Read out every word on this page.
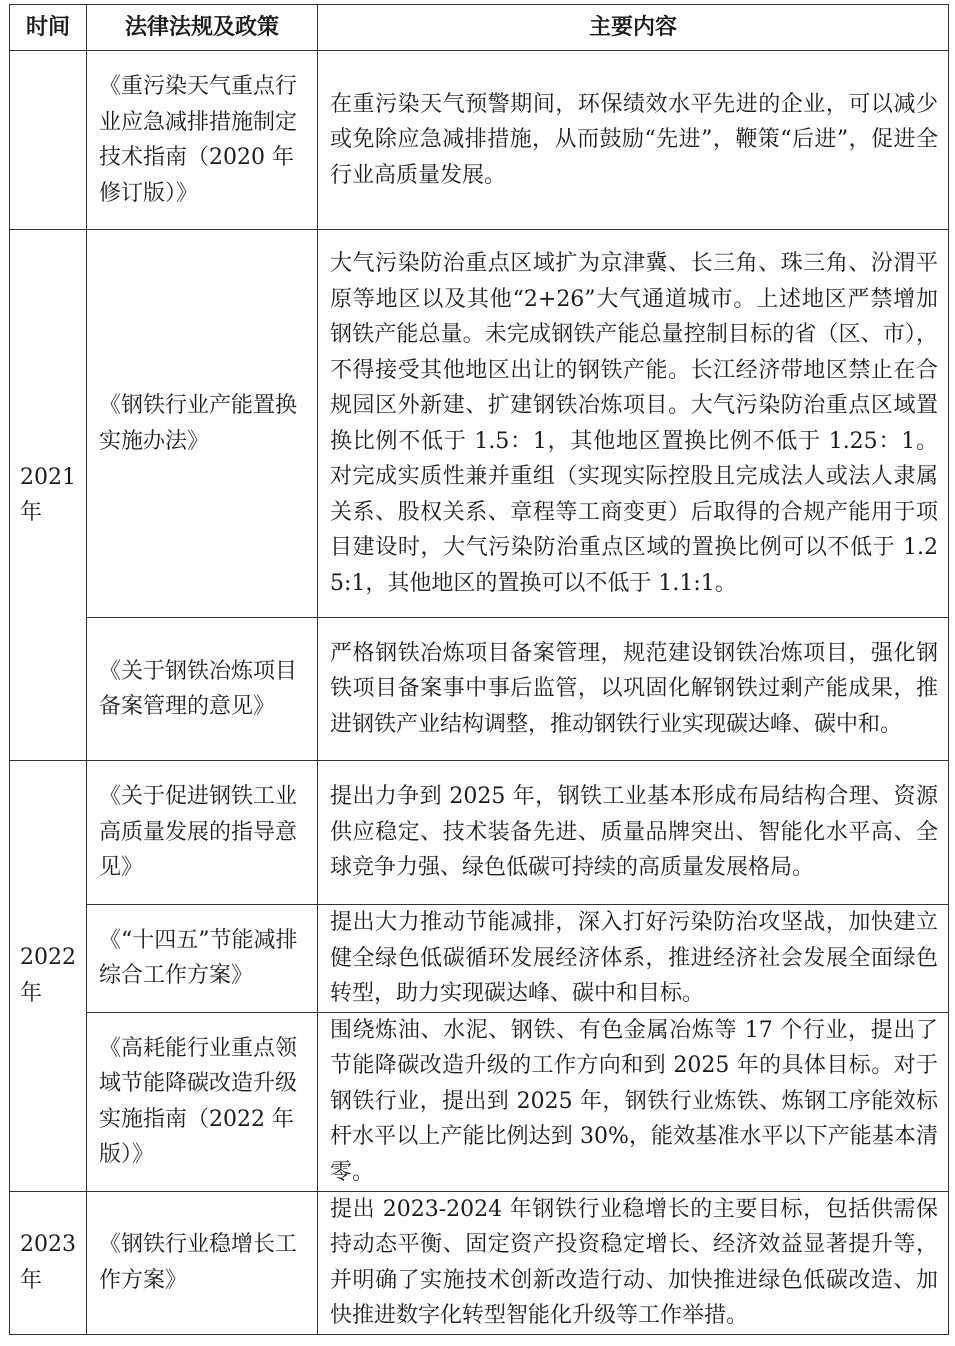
时间	法律法规及政策	主要内容
	《重污染天气重点行业应急减排措施制定技术指南（2020 年修订版）》	在重污染天气预警期间，环保绩效水平先进的企业，可以减少或免除应急减排措施，从而鼓励“先进”，鞭策“后进”，促进全行业高质量发展。
2021 年	《钢铁行业产能置换实施办法》	大气污染防治重点区域扩为京津冀、长三角、珠三角、汾渭平原等地区以及其他“2+26”大气通道城市。上述地区严禁增加钢铁产能总量。未完成钢铁产能总量控制目标的省（区、市），不得接受其他地区出让的钢铁产能。长江经济带地区禁止在合规园区外新建、扩建钢铁冶炼项目。大气污染防治重点区域置换比例不低于 1.5：1，其他地区置换比例不低于 1.25：1。对完成实质性兼并重组（实现实际控股且完成法人或法人隶属关系、股权关系、章程等工商变更）后取得的合规产能用于项目建设时，大气污染防治重点区域的置换比例可以不低于 1.25:1，其他地区的置换可以不低于 1.1:1。
	《关于钢铁冶炼项目备案管理的意见》	严格钢铁冶炼项目备案管理，规范建设钢铁冶炼项目，强化钢铁项目备案事中事后监管，以巩固化解钢铁过剩产能成果，推进钢铁产业结构调整，推动钢铁行业实现碳达峰、碳中和。
2022 年	《关于促进钢铁工业高质量发展的指导意见》	提出力争到 2025 年，钢铁工业基本形成布局结构合理、资源供应稳定、技术装备先进、质量品牌突出、智能化水平高、全球竞争力强、绿色低碳可持续的高质量发展格局。
	《“十四五”节能减排综合工作方案》	提出大力推动节能减排，深入打好污染防治攻坚战，加快建立健全绿色低碳循环发展经济体系，推进经济社会发展全面绿色转型，助力实现碳达峰、碳中和目标。
	《高耗能行业重点领域节能降碳改造升级实施指南（2022 年版）》	围绕炼油、水泥、钢铁、有色金属冶炼等 17 个行业，提出了节能降碳改造升级的工作方向和到 2025 年的具体目标。对于钢铁行业，提出到 2025 年，钢铁行业炼铁、炼钢工序能效标杆水平以上产能比例达到 30%，能效基准水平以下产能基本清零。
2023 年	《钢铁行业稳增长工作方案》	提出 2023-2024 年钢铁行业稳增长的主要目标，包括供需保持动态平衡、固定资产投资稳定增长、经济效益显著提升等，并明确了实施技术创新改造行动、加快推进绿色低碳改造、加快推进数字化转型智能化升级等工作举措。
